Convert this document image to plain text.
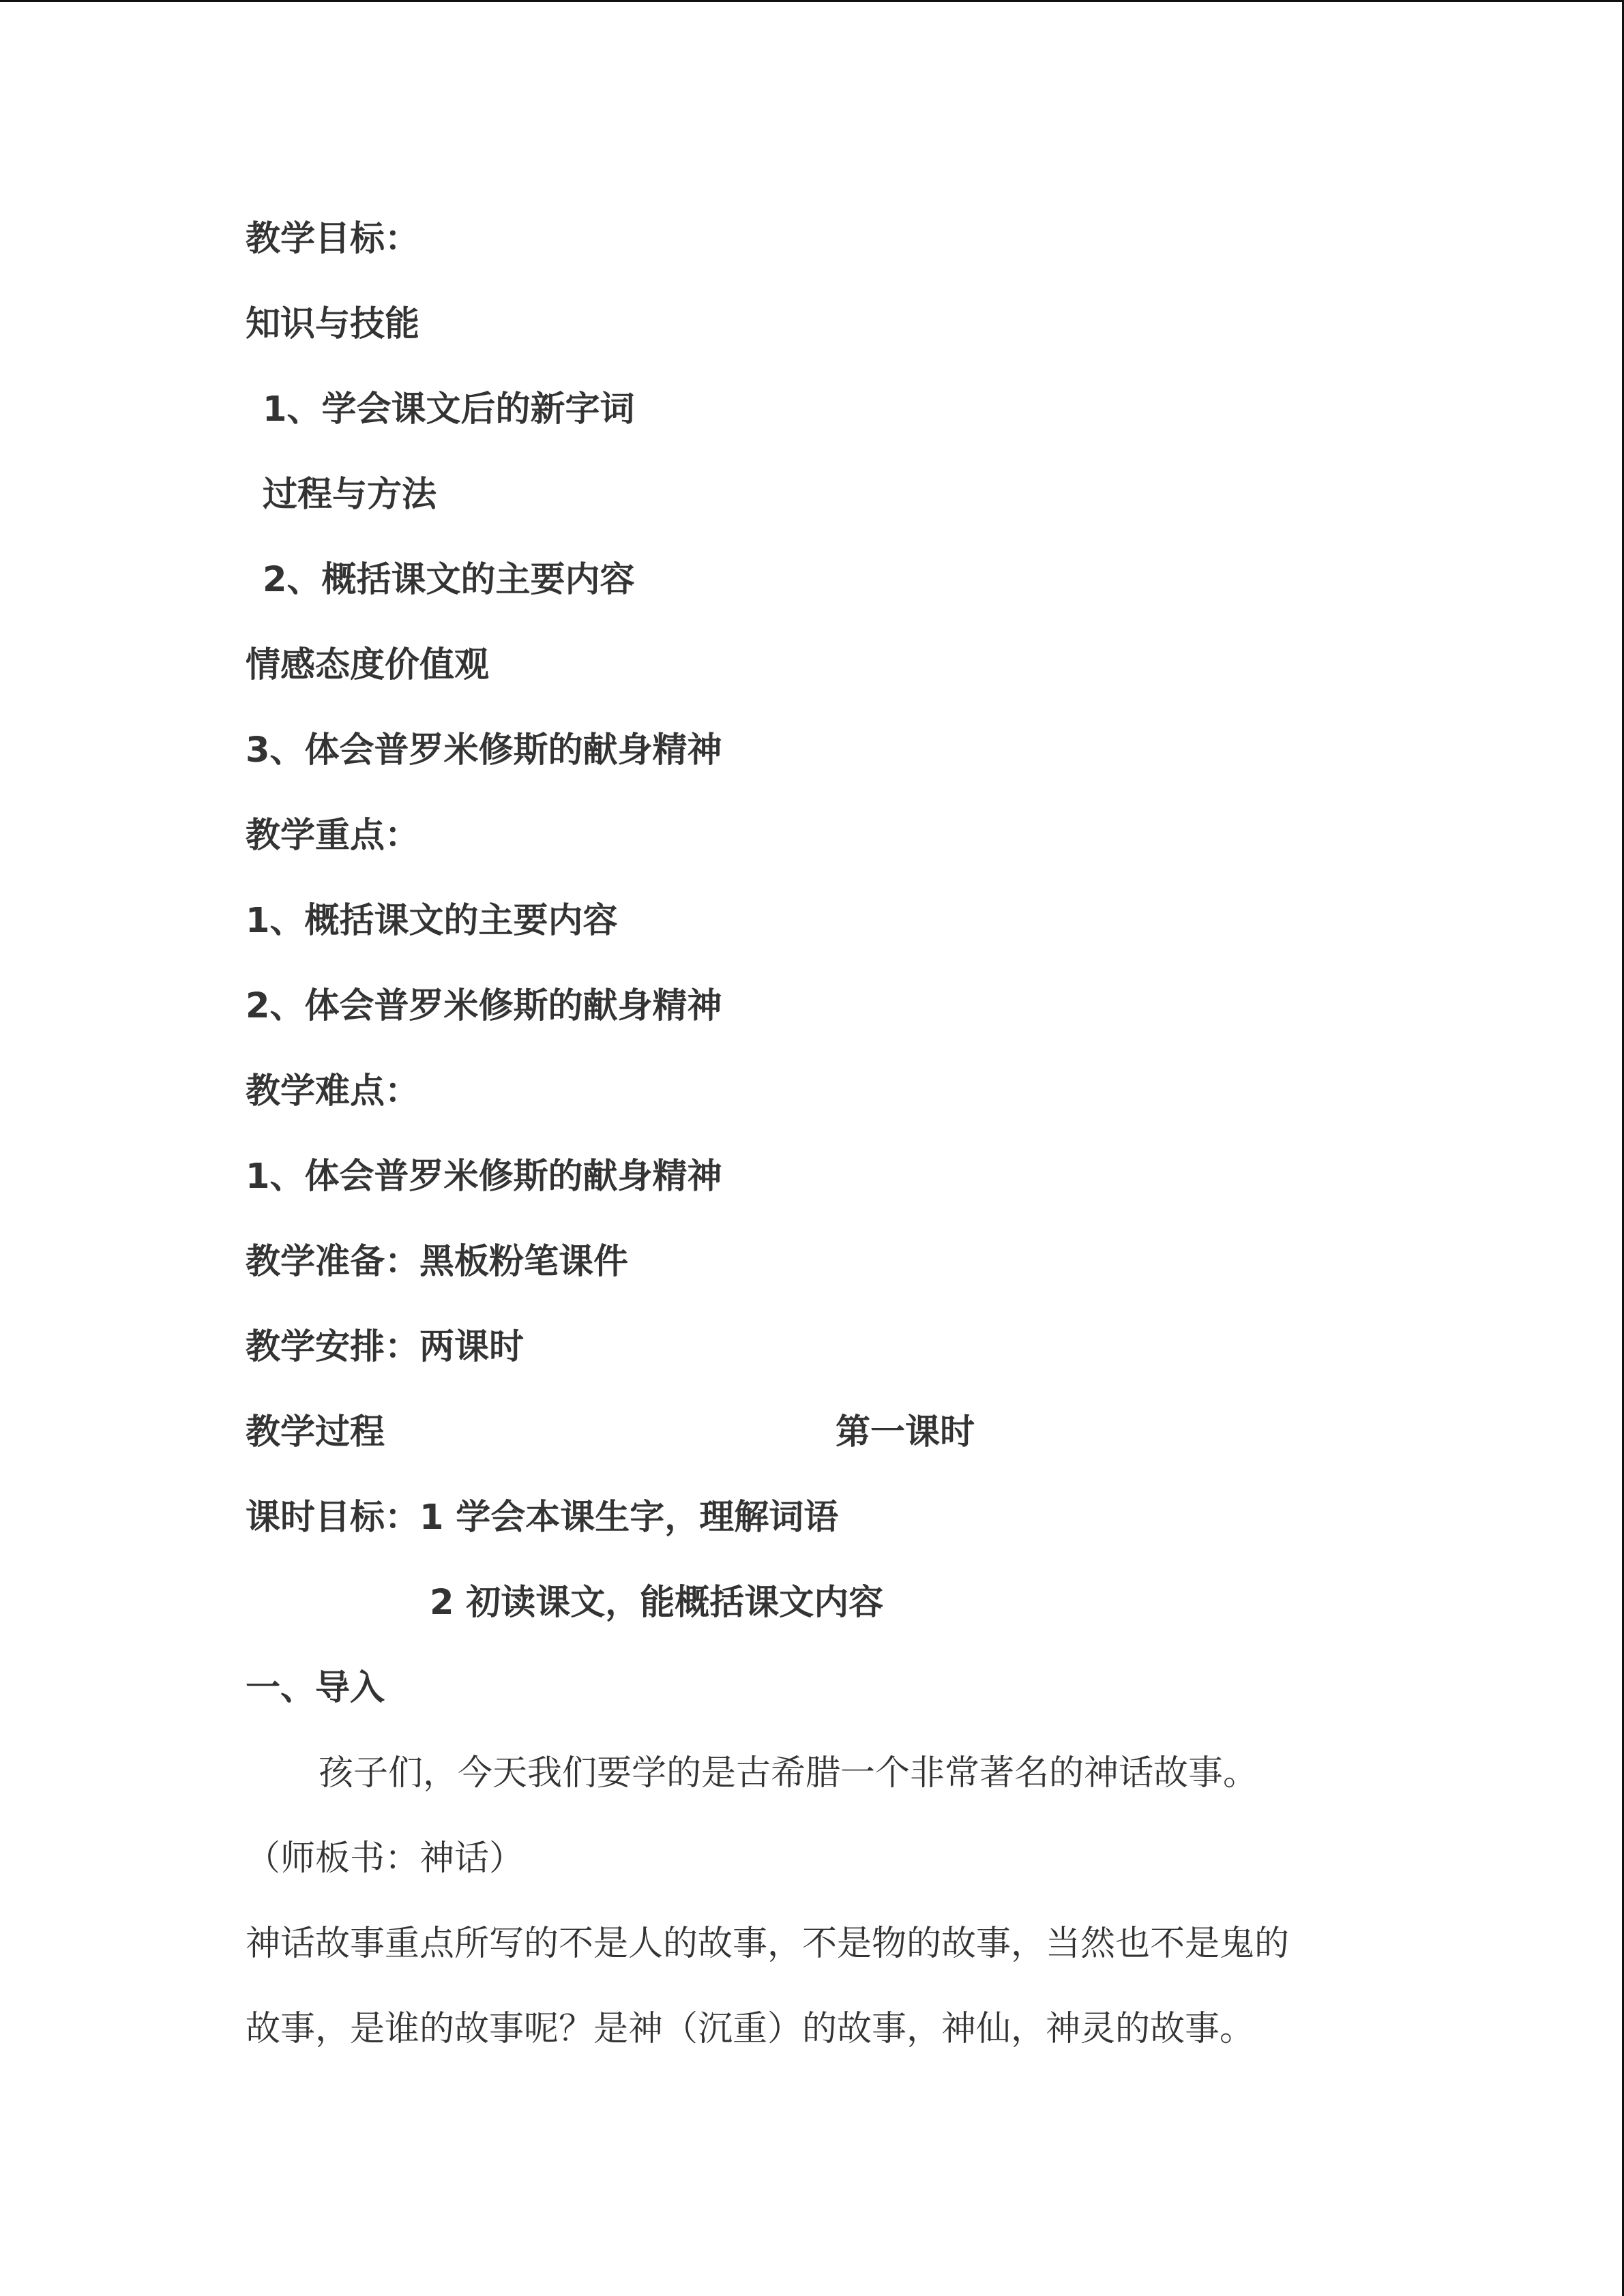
教学目标：
知识与技能
1、学会课文后的新字词
过程与方法
2、概括课文的主要内容
情感态度价值观
3、体会普罗米修斯的献身精神
教学重点：
1、概括课文的主要内容
2、体会普罗米修斯的献身精神
教学难点：
1、体会普罗米修斯的献身精神
教学准备：黑板粉笔课件
教学安排：两课时
教学过程	第一课时
课时目标：1 学会本课生字，理解词语
2 初读课文，能概括课文内容
一、导入
孩子们，今天我们要学的是古希腊一个非常著名的神话故事。
（师板书：神话）
神话故事重点所写的不是人的故事，不是物的故事，当然也不是鬼的
故事，是谁的故事呢？是神（沉重）的故事，神仙，神灵的故事。
